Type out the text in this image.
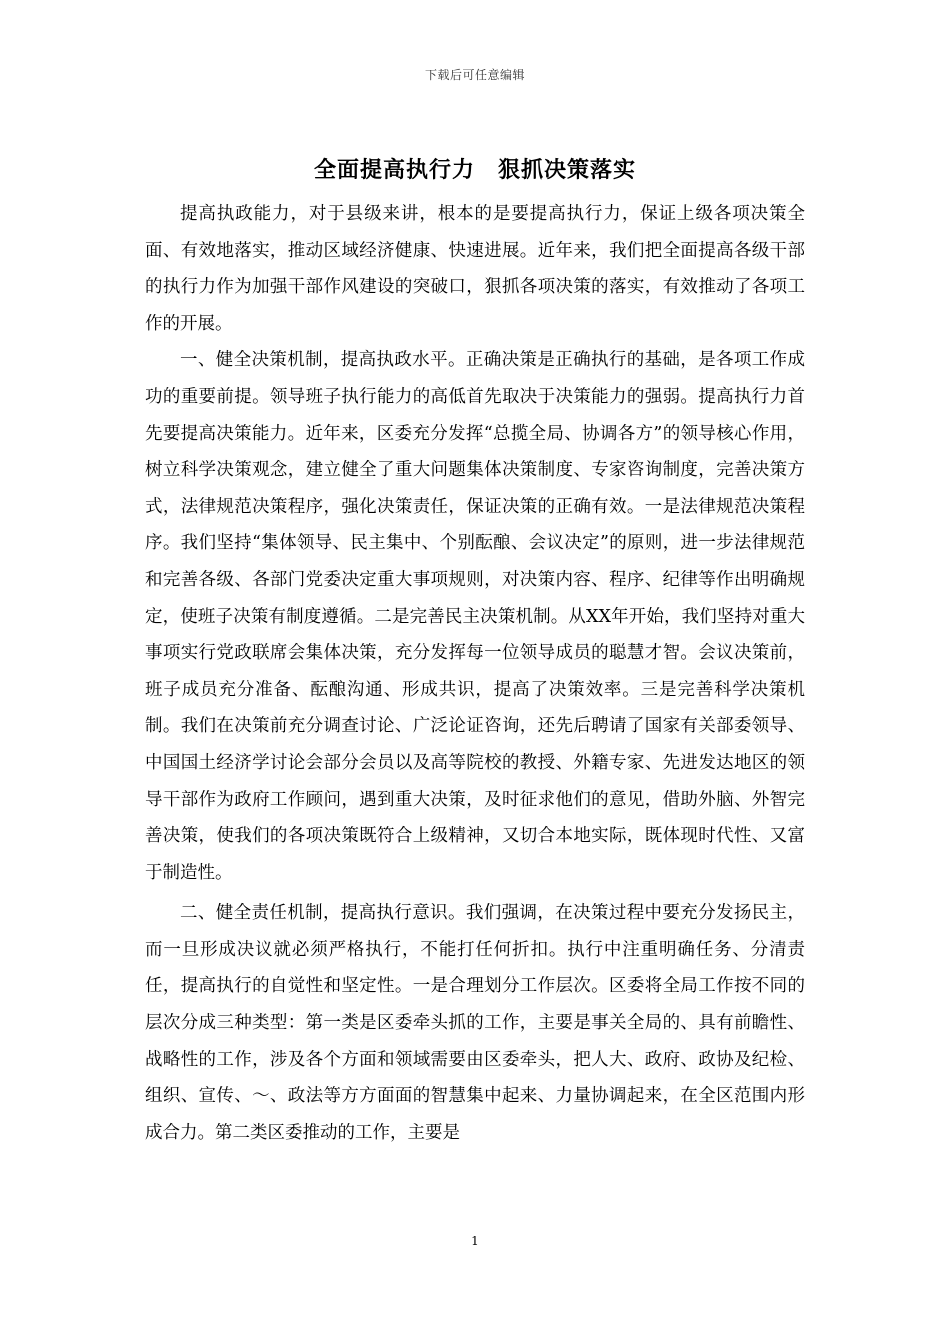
下载后可任意编辑
全面提高执行力　狠抓决策落实

提高执政能力，对于县级来讲，根本的是要提高执行力，保证上级各项决策全面、有效地落实，推动区域经济健康、快速进展。近年来，我们把全面提高各级干部的执行力作为加强干部作风建设的突破口，狠抓各项决策的落实，有效推动了各项工作的开展。

一、健全决策机制，提高执政水平。正确决策是正确执行的基础，是各项工作成功的重要前提。领导班子执行能力的高低首先取决于决策能力的强弱。提高执行力首先要提高决策能力。近年来，区委充分发挥“总揽全局、协调各方”的领导核心作用，树立科学决策观念，建立健全了重大问题集体决策制度、专家咨询制度，完善决策方式，法律规范决策程序，强化决策责任，保证决策的正确有效。一是法律规范决策程序。我们坚持“集体领导、民主集中、个别酝酿、会议决定”的原则，进一步法律规范和完善各级、各部门党委决定重大事项规则，对决策内容、程序、纪律等作出明确规定，使班子决策有制度遵循。二是完善民主决策机制。从XX年开始，我们坚持对重大事项实行党政联席会集体决策，充分发挥每一位领导成员的聪慧才智。会议决策前，班子成员充分准备、酝酿沟通、形成共识，提高了决策效率。三是完善科学决策机制。我们在决策前充分调查讨论、广泛论证咨询，还先后聘请了国家有关部委领导、中国国土经济学讨论会部分会员以及高等院校的教授、外籍专家、先进发达地区的领导干部作为政府工作顾问，遇到重大决策，及时征求他们的意见，借助外脑、外智完善决策，使我们的各项决策既符合上级精神，又切合本地实际，既体现时代性、又富于制造性。

二、健全责任机制，提高执行意识。我们强调，在决策过程中要充分发扬民主，而一旦形成决议就必须严格执行，不能打任何折扣。执行中注重明确任务、分清责任，提高执行的自觉性和坚定性。一是合理划分工作层次。区委将全局工作按不同的层次分成三种类型：第一类是区委牵头抓的工作，主要是事关全局的、具有前瞻性、战略性的工作，涉及各个方面和领域需要由区委牵头，把人大、政府、政协及纪检、组织、宣传、～、政法等方方面面的智慧集中起来、力量协调起来，在全区范围内形成合力。第二类区委推动的工作，主要是

1
